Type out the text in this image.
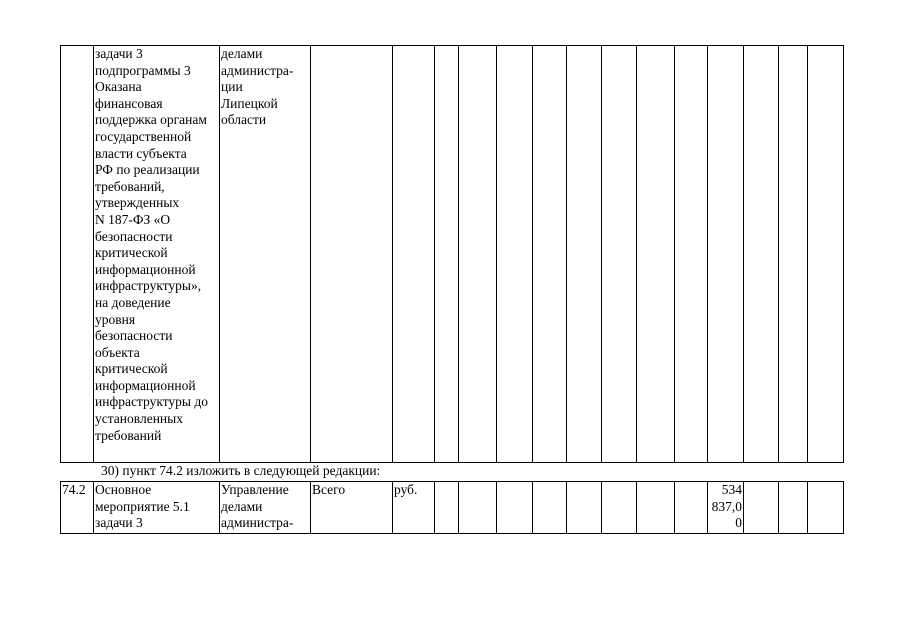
	задачи 3
подпрограммы 3
Оказана
финансовая
поддержка органам
государственной
власти субъекта
РФ по реализации
требований,
утвержденных
N 187-ФЗ «О
безопасности
критической
информационной
инфраструктуры»,
на доведение
уровня
безопасности
объекта
критической
информационной
инфраструктуры до
установленных
требований	делами
администра-
ции
Липецкой
области														
30) пункт 74.2 изложить в следующей редакции:
74.2	Основное
мероприятие 5.1
задачи 3	Управление
делами
администра-	Всего	руб.									534
837,0
0			
